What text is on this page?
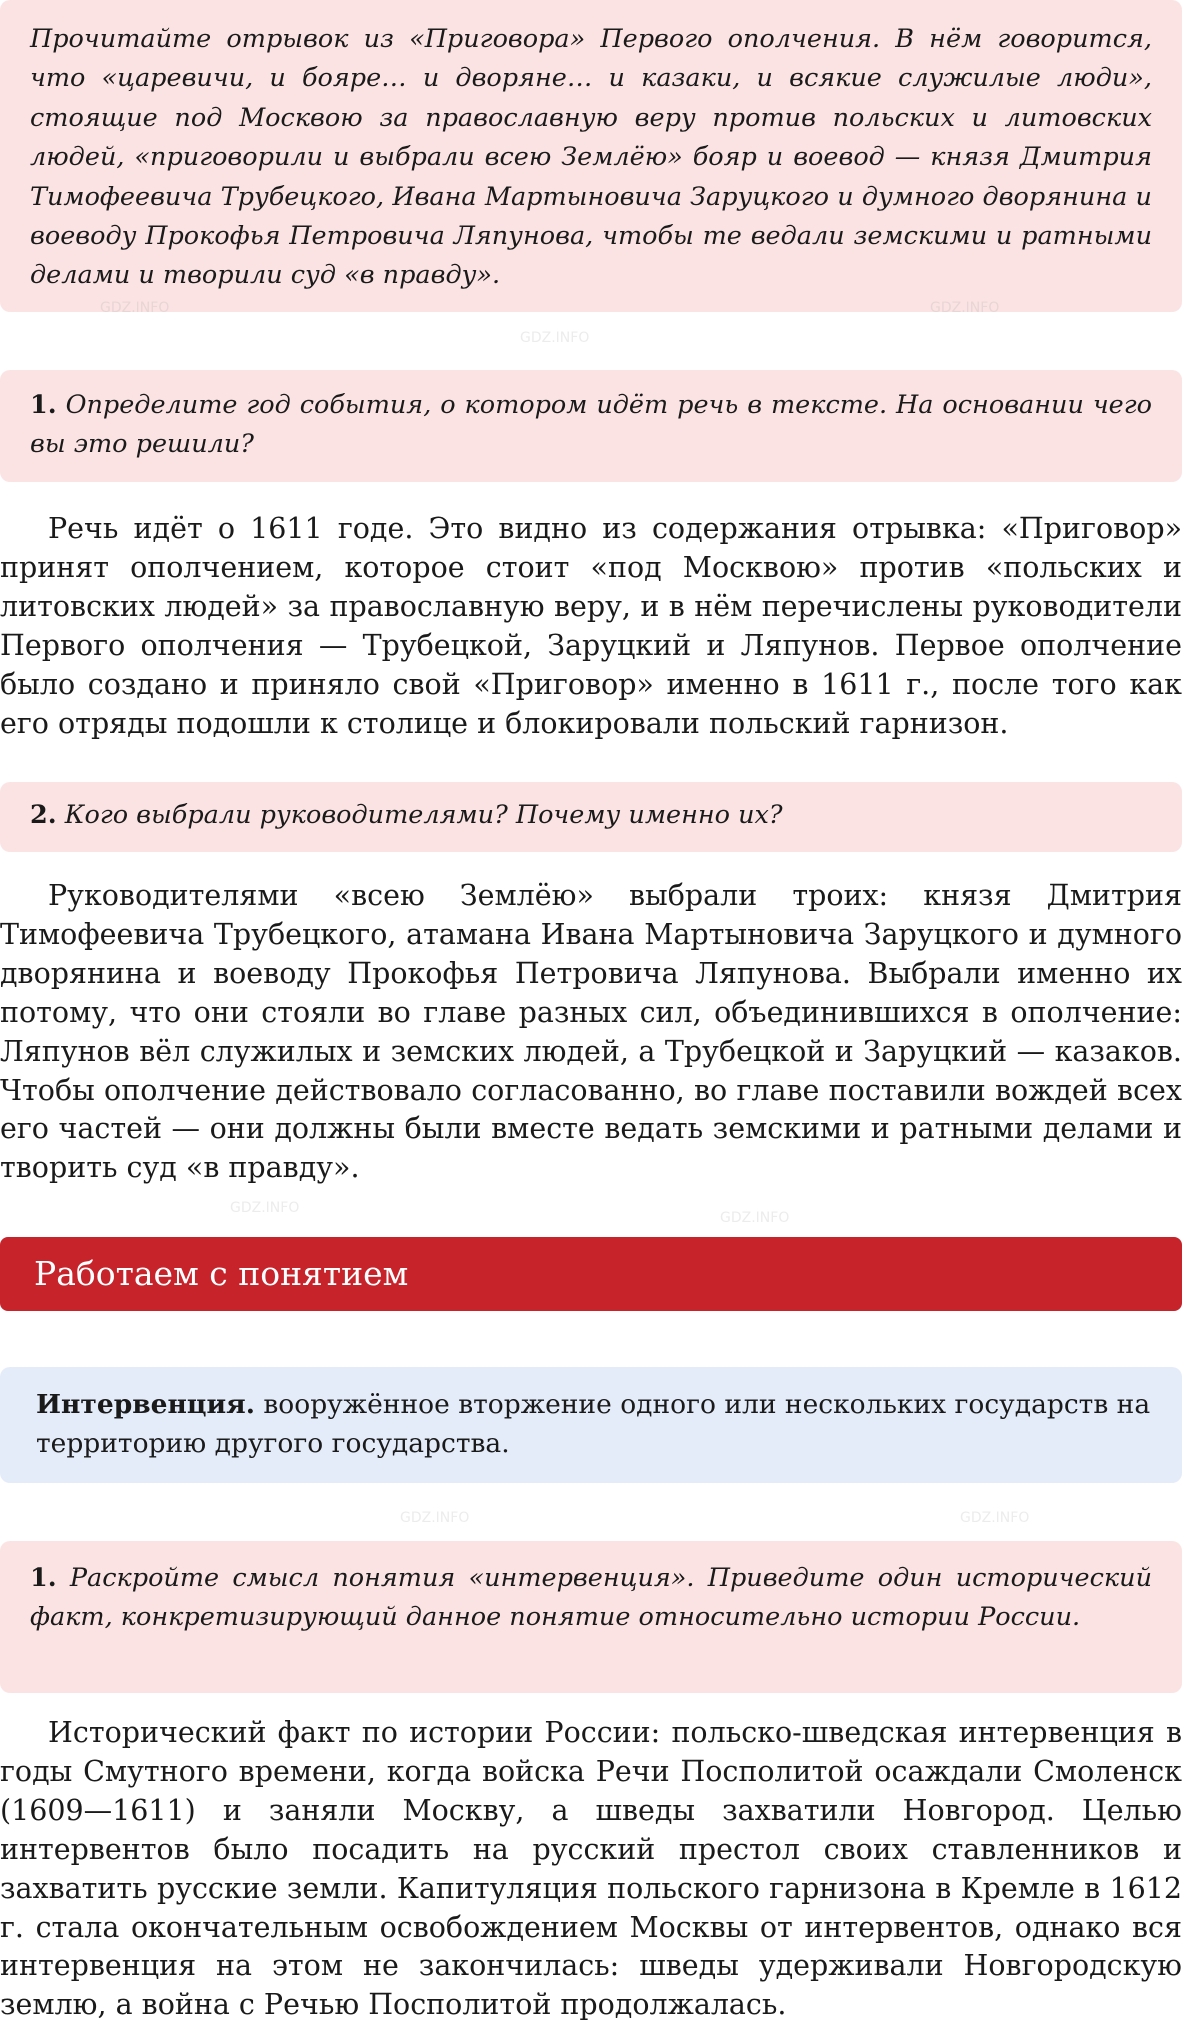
Прочитайте отрывок из «Приговора» Первого ополчения. В нём говорится, что «царевичи, и бояре… и дворяне… и казаки, и всякие служилые люди», стоящие под Москвою за православную веру против польских и литовских людей, «приговорили и выбрали всею Землёю» бояр и воевод — князя Дмитрия Тимофеевича Трубецкого, Ивана Мартыновича Заруцкого и думного дворянина и воеводу Прокофья Петровича Ляпунова, чтобы те ведали земскими и ратными делами и творили суд «в правду».

1. Определите год события, о котором идёт речь в тексте. На основании чего вы это решили?

Речь идёт о 1611 годе. Это видно из содержания отрывка: «Приговор» принят ополчением, которое стоит «под Москвою» против «польских и литовских людей» за православную веру, и в нём перечислены руководители Первого ополчения — Трубецкой, Заруцкий и Ляпунов. Первое ополчение было создано и приняло свой «Приговор» именно в 1611 г., после того как его отряды подошли к столице и блокировали польский гарнизон.

2. Кого выбрали руководителями? Почему именно их?

Руководителями «всею Землёю» выбрали троих: князя Дмитрия Тимофеевича Трубецкого, атамана Ивана Мартыновича Заруцкого и думного дворянина и воеводу Прокофья Петровича Ляпунова. Выбрали именно их потому, что они стояли во главе разных сил, объединившихся в ополчение: Ляпунов вёл служилых и земских людей, а Трубецкой и Заруцкий — казаков. Чтобы ополчение действовало согласованно, во главе поставили вождей всех его частей — они должны были вместе ведать земскими и ратными делами и творить суд «в правду».

Работаем с понятием

Интервенция. вооружённое вторжение одного или нескольких государств на территорию другого государства.

1. Раскройте смысл понятия «интервенция». Приведите один исторический факт, конкретизирующий данное понятие относительно истории России.

Исторический факт по истории России: польско-шведская интервенция в годы Смутного времени, когда войска Речи Посполитой осаждали Смоленск (1609—1611) и заняли Москву, а шведы захватили Новгород. Целью интервентов было посадить на русский престол своих ставленников и захватить русские земли. Капитуляция польского гарнизона в Кремле в 1612 г. стала окончательным освобождением Москвы от интервентов, однако вся интервенция на этом не закончилась: шведы удерживали Новгородскую землю, а война с Речью Посполитой продолжалась.

GDZ.INFO
GDZ.INFO
GDZ.INFO
GDZ.INFO	GDZ.INFO
